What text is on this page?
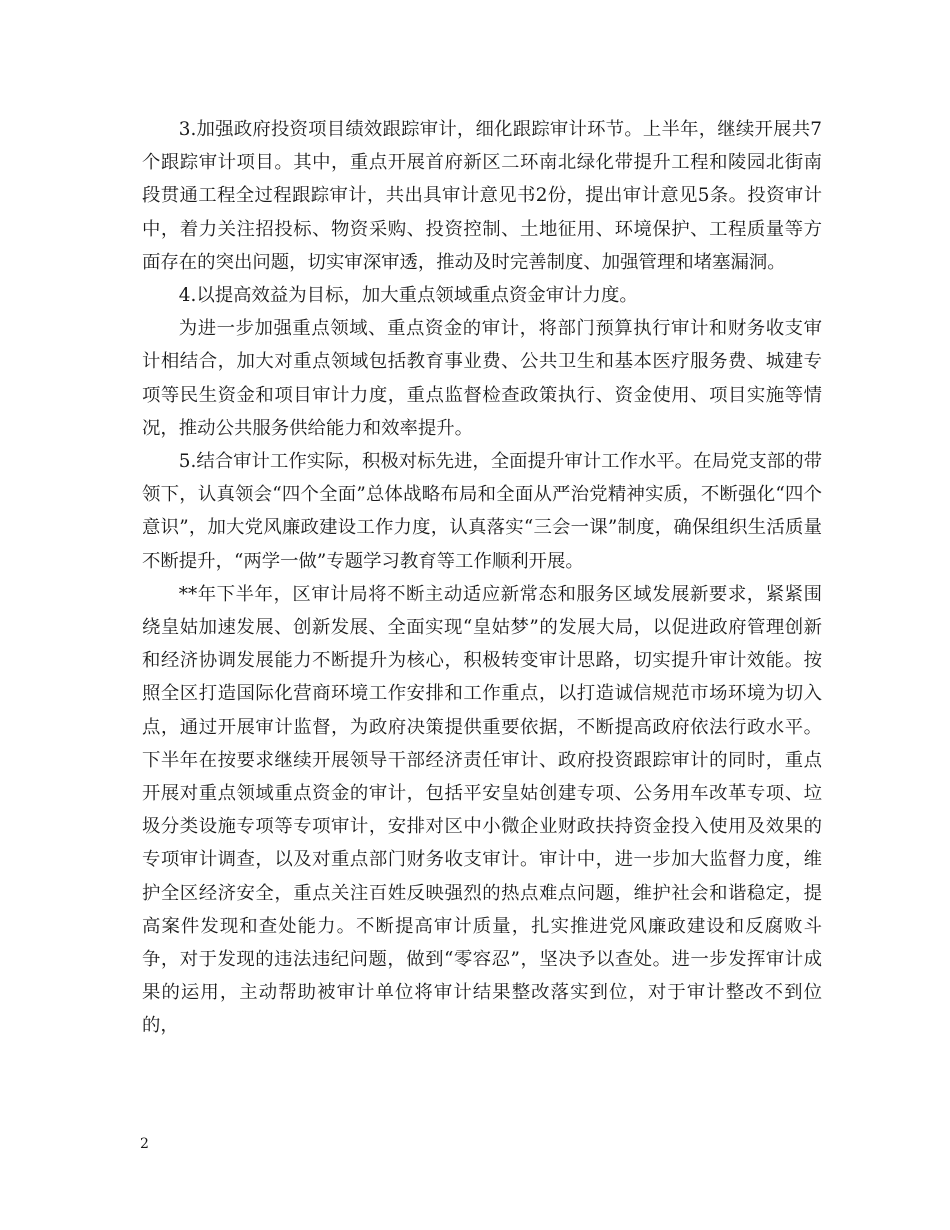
3.加强政府投资项目绩效跟踪审计，细化跟踪审计环节。上半年，继续开展共7个跟踪审计项目。其中，重点开展首府新区二环南北绿化带提升工程和陵园北街南段贯通工程全过程跟踪审计，共出具审计意见书2份，提出审计意见5条。投资审计中，着力关注招投标、物资采购、投资控制、土地征用、环境保护、工程质量等方面存在的突出问题，切实审深审透，推动及时完善制度、加强管理和堵塞漏洞。

4.以提高效益为目标，加大重点领域重点资金审计力度。

为进一步加强重点领域、重点资金的审计，将部门预算执行审计和财务收支审计相结合，加大对重点领域包括教育事业费、公共卫生和基本医疗服务费、城建专项等民生资金和项目审计力度，重点监督检查政策执行、资金使用、项目实施等情况，推动公共服务供给能力和效率提升。

5.结合审计工作实际，积极对标先进，全面提升审计工作水平。在局党支部的带领下，认真领会“四个全面”总体战略布局和全面从严治党精神实质，不断强化“四个意识”，加大党风廉政建设工作力度，认真落实“三会一课”制度，确保组织生活质量不断提升，“两学一做”专题学习教育等工作顺利开展。

**年下半年，区审计局将不断主动适应新常态和服务区域发展新要求，紧紧围绕皇姑加速发展、创新发展、全面实现“皇姑梦”的发展大局，以促进政府管理创新和经济协调发展能力不断提升为核心，积极转变审计思路，切实提升审计效能。按照全区打造国际化营商环境工作安排和工作重点，以打造诚信规范市场环境为切入点，通过开展审计监督，为政府决策提供重要依据，不断提高政府依法行政水平。下半年在按要求继续开展领导干部经济责任审计、政府投资跟踪审计的同时，重点开展对重点领域重点资金的审计，包括平安皇姑创建专项、公务用车改革专项、垃圾分类设施专项等专项审计，安排对区中小微企业财政扶持资金投入使用及效果的专项审计调查，以及对重点部门财务收支审计。审计中，进一步加大监督力度，维护全区经济安全，重点关注百姓反映强烈的热点难点问题，维护社会和谐稳定，提高案件发现和查处能力。不断提高审计质量，扎实推进党风廉政建设和反腐败斗争，对于发现的违法违纪问题，做到“零容忍”，坚决予以查处。进一步发挥审计成果的运用，主动帮助被审计单位将审计结果整改落实到位，对于审计整改不到位的，

2
